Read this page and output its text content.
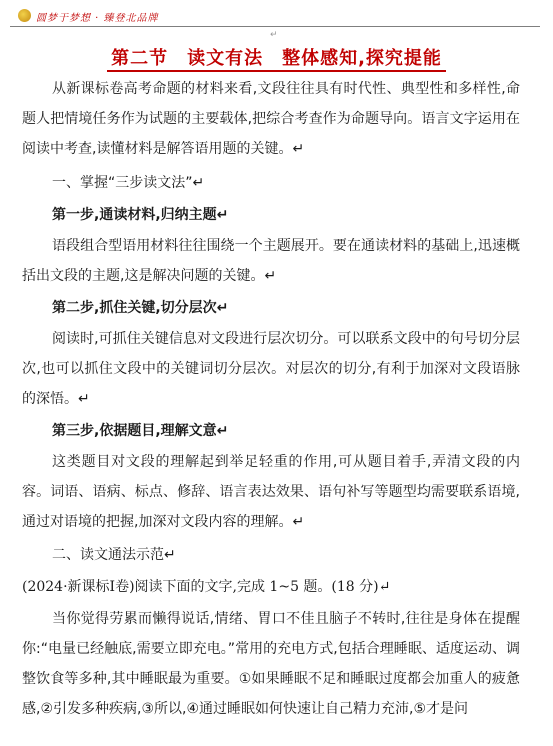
圆梦于梦想 · 臻登北品牌
↵
第二节　读文有法　整体感知,探究提能
从新课标卷高考命题的材料来看,文段往往具有时代性、典型性和多样性,命题人把情境任务作为试题的主要载体,把综合考查作为命题导向。语言文字运用在阅读中考查,读懂材料是解答语用题的关键。↵
一、掌握“三步读文法”↵
第一步,通读材料,归纳主题↵
语段组合型语用材料往往围绕一个主题展开。要在通读材料的基础上,迅速概括出文段的主题,这是解决问题的关键。↵
第二步,抓住关键,切分层次↵
阅读时,可抓住关键信息对文段进行层次切分。可以联系文段中的句号切分层次,也可以抓住文段中的关键词切分层次。对层次的切分,有利于加深对文段语脉的深悟。↵
第三步,依据题目,理解文意↵
这类题目对文段的理解起到举足轻重的作用,可从题目着手,弄清文段的内容。词语、语病、标点、修辞、语言表达效果、语句补写等题型均需要联系语境,通过对语境的把握,加深对文段内容的理解。↵
二、读文通法示范↵
(2024·新课标Ⅰ卷)阅读下面的文字,完成 1~5 题。(18 分)↵
当你觉得劳累而懒得说话,情绪、胃口不佳且脑子不转时,往往是身体在提醒你:“电量已经触底,需要立即充电。”常用的充电方式,包括合理睡眠、适度运动、调整饮食等多种,其中睡眠最为重要。①如果睡眠不足和睡眠过度都会加重人的疲惫感,②引发多种疾病,③所以,④通过睡眠如何快速让自己精力充沛,⑤才是问
